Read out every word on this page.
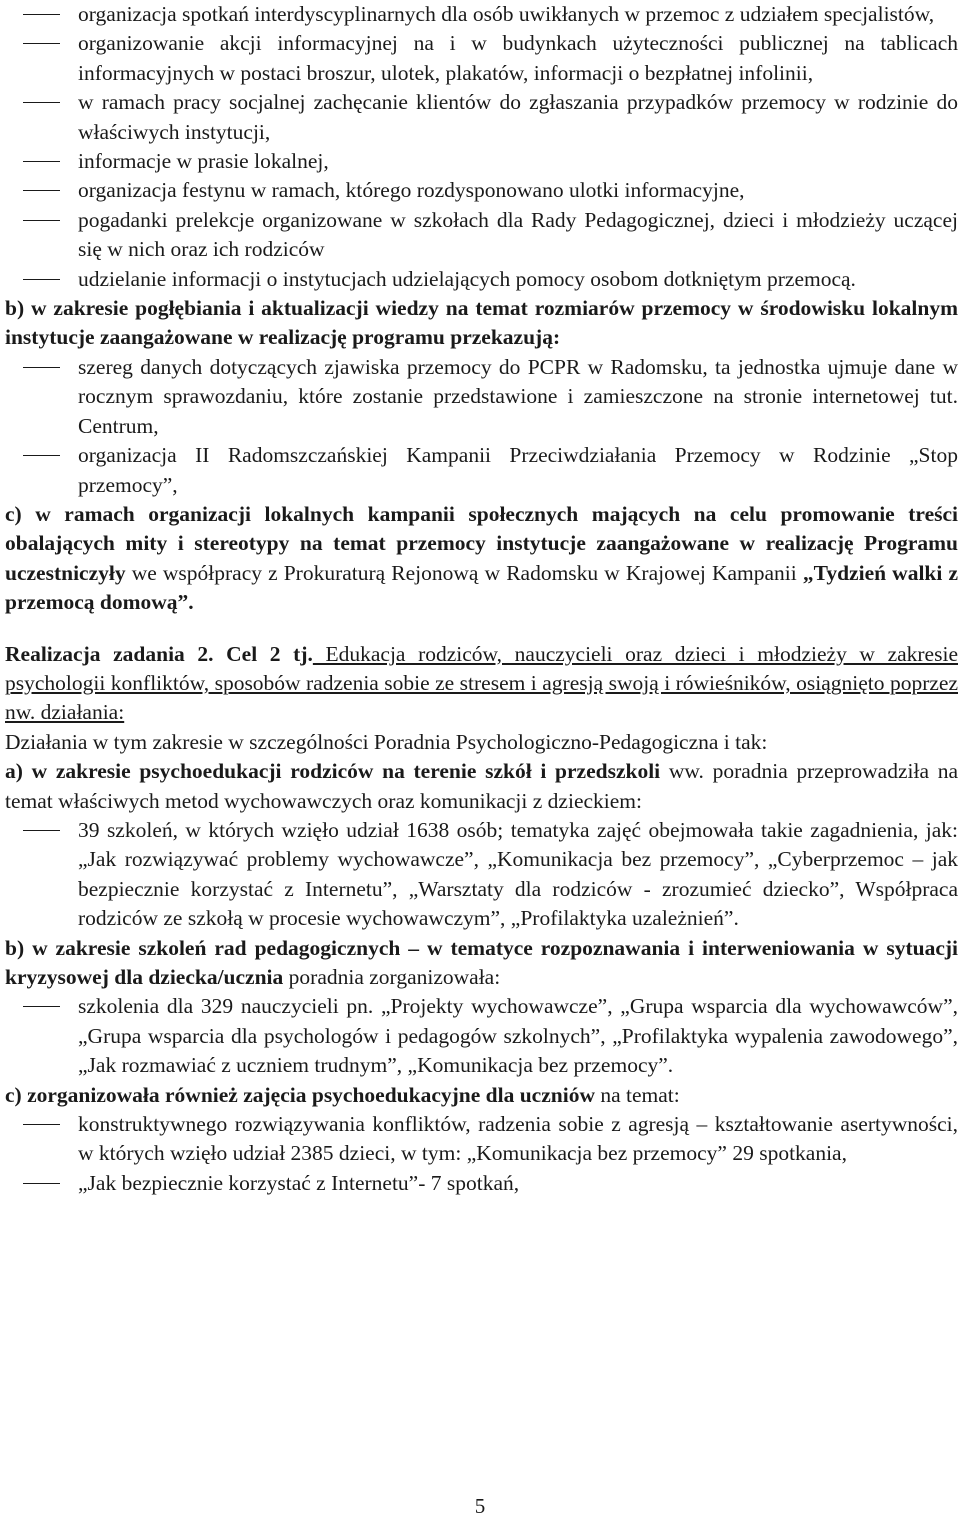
organizacja spotkań interdyscyplinarnych dla osób uwikłanych w przemoc z udziałem specjalistów,
organizowanie akcji informacyjnej na i w budynkach użyteczności publicznej na tablicach informacyjnych w postaci broszur, ulotek, plakatów, informacji o bezpłatnej infolinii,
w ramach pracy socjalnej zachęcanie klientów do zgłaszania przypadków przemocy w rodzinie do właściwych instytucji,
informacje w prasie lokalnej,
organizacja festynu w ramach, którego rozdysponowano ulotki informacyjne,
pogadanki prelekcje organizowane w szkołach dla Rady Pedagogicznej, dzieci i młodzieży uczącej się w nich oraz ich rodziców
udzielanie informacji o instytucjach udzielających pomocy osobom dotkniętym przemocą.

b) w zakresie pogłębiania i aktualizacji wiedzy na temat rozmiarów przemocy w środowisku lokalnym instytucje zaangażowane w realizację programu przekazują:

szereg danych dotyczących zjawiska przemocy do PCPR w Radomsku, ta jednostka ujmuje dane w rocznym sprawozdaniu, które zostanie przedstawione i zamieszczone na stronie internetowej tut. Centrum,
organizacja II Radomszczańskiej Kampanii Przeciwdziałania Przemocy w Rodzinie „Stop przemocy”,

c) w ramach organizacji lokalnych kampanii społecznych mających na celu promowanie treści obalających mity i stereotypy na temat przemocy instytucje zaangażowane w realizację Programu uczestniczyły we współpracy z Prokuraturą Rejonową w Radomsku w Krajowej Kampanii „Tydzień walki z przemocą domową”.

Realizacja zadania 2. Cel 2 tj. Edukacja rodziców, nauczycieli oraz dzieci i młodzieży w zakresie psychologii konfliktów, sposobów radzenia sobie ze stresem i agresją swoją i rówieśników, osiągnięto poprzez nw. działania:

Działania w tym zakresie w szczególności Poradnia Psychologiczno-Pedagogiczna i tak:

a) w zakresie psychoedukacji rodziców na terenie szkół i przedszkoli ww. poradnia przeprowadziła na temat właściwych metod wychowawczych oraz komunikacji z dzieckiem:

39 szkoleń, w których wzięło udział 1638 osób; tematyka zajęć obejmowała takie zagadnienia, jak: „Jak rozwiązywać problemy wychowawcze”, „Komunikacja bez przemocy”, „Cyberprzemoc – jak bezpiecznie korzystać z Internetu”, „Warsztaty dla rodziców - zrozumieć dziecko”, Współpraca rodziców ze szkołą w procesie wychowawczym”, „Profilaktyka uzależnień”.

b) w zakresie szkoleń rad pedagogicznych – w tematyce rozpoznawania i interweniowania w sytuacji kryzysowej dla dziecka/ucznia poradnia zorganizowała:

szkolenia dla 329 nauczycieli pn. „Projekty wychowawcze”, „Grupa wsparcia dla wychowawców”, „Grupa wsparcia dla psychologów i pedagogów szkolnych”, „Profilaktyka wypalenia zawodowego”, „Jak rozmawiać z uczniem trudnym”, „Komunikacja bez przemocy”.

c) zorganizowała również zajęcia psychoedukacyjne dla uczniów na temat:

konstruktywnego rozwiązywania konfliktów, radzenia sobie z agresją – kształtowanie asertywności, w których wzięło udział 2385 dzieci, w tym: „Komunikacja bez przemocy” 29 spotkania,
„Jak bezpiecznie korzystać z Internetu”- 7 spotkań,
5
